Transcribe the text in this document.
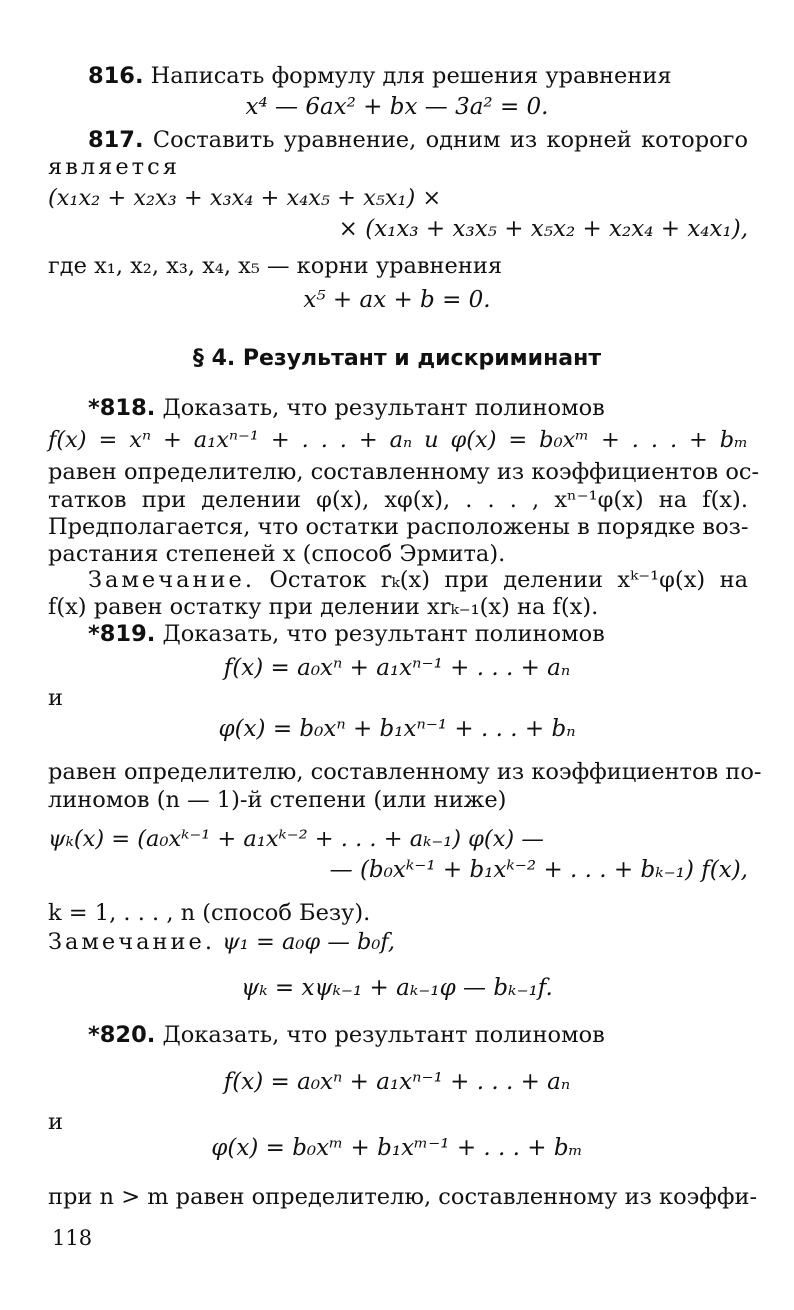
816. Написать формулу для решения уравнения
x⁴ — 6ax² + bx — 3a² = 0.
817. Составить уравнение, одним из корней которого
является
(x₁x₂ + x₂x₃ + x₃x₄ + x₄x₅ + x₅x₁) ×
× (x₁x₃ + x₃x₅ + x₅x₂ + x₂x₄ + x₄x₁),
где x₁, x₂, x₃, x₄, x₅ — корни уравнения
x⁵ + ax + b = 0.
§ 4. Результант и дискриминант
*818. Доказать, что результант полиномов
f(x) = xⁿ + a₁xⁿ⁻¹ + . . . + aₙ и φ(x) = b₀xᵐ + . . . + bₘ
равен определителю, составленному из коэффициентов ос-
татков при делении φ(x), xφ(x), . . . , xⁿ⁻¹φ(x) на f(x).
Предполагается, что остатки расположены в порядке воз-
растания степеней x (способ Эрмита).
Замечание. Остаток rₖ(x) при делении xᵏ⁻¹φ(x) на
f(x) равен остатку при делении xrₖ₋₁(x) на f(x).
*819. Доказать, что результант полиномов
f(x) = a₀xⁿ + a₁xⁿ⁻¹ + . . . + aₙ
и
φ(x) = b₀xⁿ + b₁xⁿ⁻¹ + . . . + bₙ
равен определителю, составленному из коэффициентов по-
линомов (n — 1)-й степени (или ниже)
ψₖ(x) = (a₀xᵏ⁻¹ + a₁xᵏ⁻² + . . . + aₖ₋₁) φ(x) —
— (b₀xᵏ⁻¹ + b₁xᵏ⁻² + . . . + bₖ₋₁) f(x),
k = 1, . . . , n (способ Безу).
Замечание. ψ₁ = a₀φ — b₀f,
ψₖ = xψₖ₋₁ + aₖ₋₁φ — bₖ₋₁f.
*820. Доказать, что результант полиномов
f(x) = a₀xⁿ + a₁xⁿ⁻¹ + . . . + aₙ
и
φ(x) = b₀xᵐ + b₁xᵐ⁻¹ + . . . + bₘ
при n > m равен определителю, составленному из коэффи-
118
